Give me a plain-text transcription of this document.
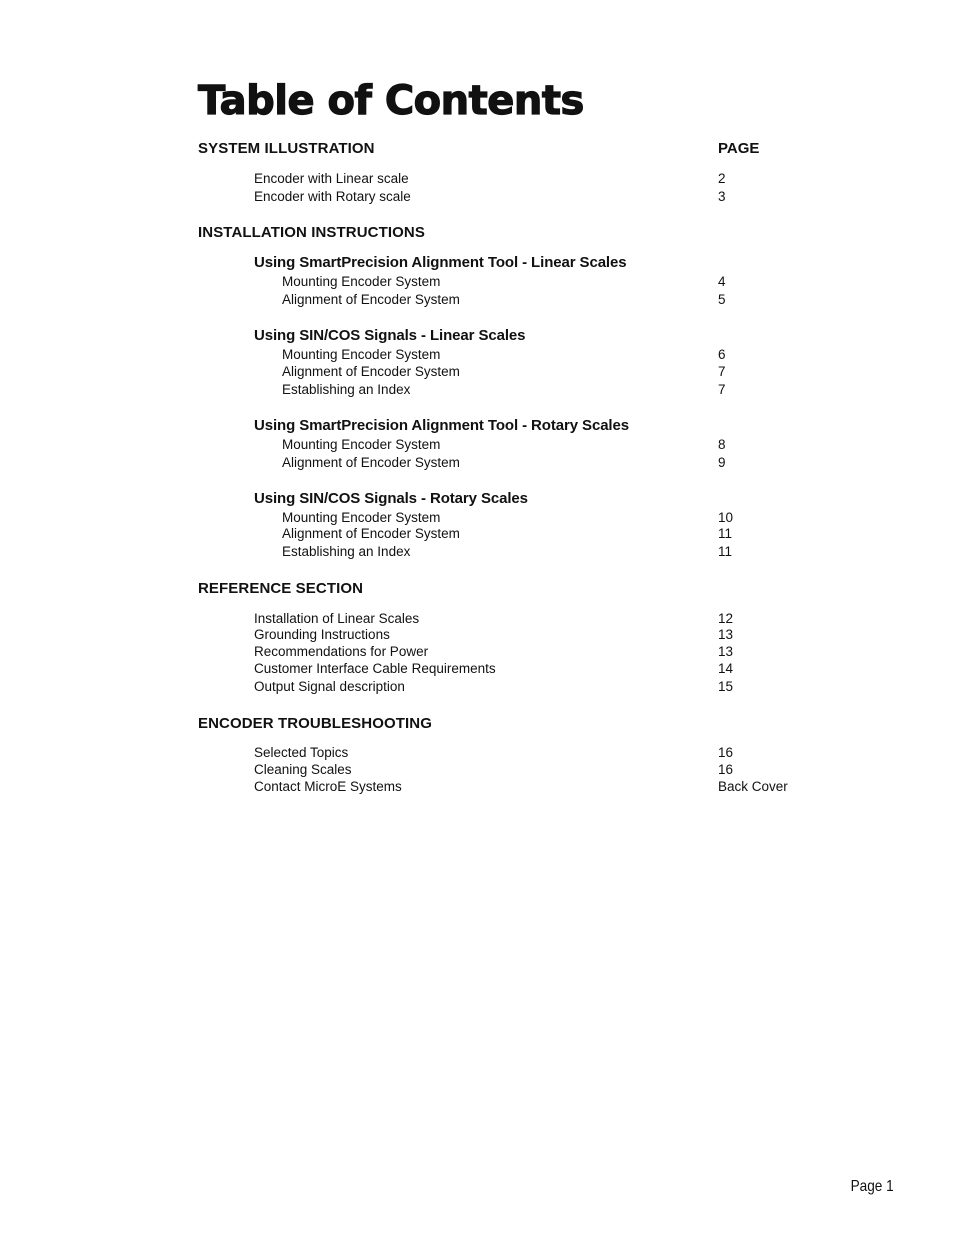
Table of Contents
SYSTEM ILLUSTRATION	PAGE
Encoder with Linear scale	2
Encoder with Rotary scale	3
INSTALLATION INSTRUCTIONS
Using SmartPrecision Alignment Tool - Linear Scales
Mounting Encoder System	4
Alignment of Encoder System	5
Using SIN/COS Signals - Linear Scales
Mounting Encoder System	6
Alignment of Encoder System	7
Establishing an Index	7
Using SmartPrecision Alignment Tool - Rotary Scales
Mounting Encoder System	8
Alignment of Encoder System	9
Using SIN/COS Signals - Rotary Scales
Mounting Encoder System	10
Alignment of Encoder System	11
Establishing an Index	11
REFERENCE SECTION
Installation of Linear Scales	12
Grounding Instructions	13
Recommendations for Power	13
Customer Interface Cable Requirements	14
Output Signal description	15
ENCODER TROUBLESHOOTING
Selected Topics	16
Cleaning Scales	16
Contact MicroE Systems	Back Cover
Page 1
